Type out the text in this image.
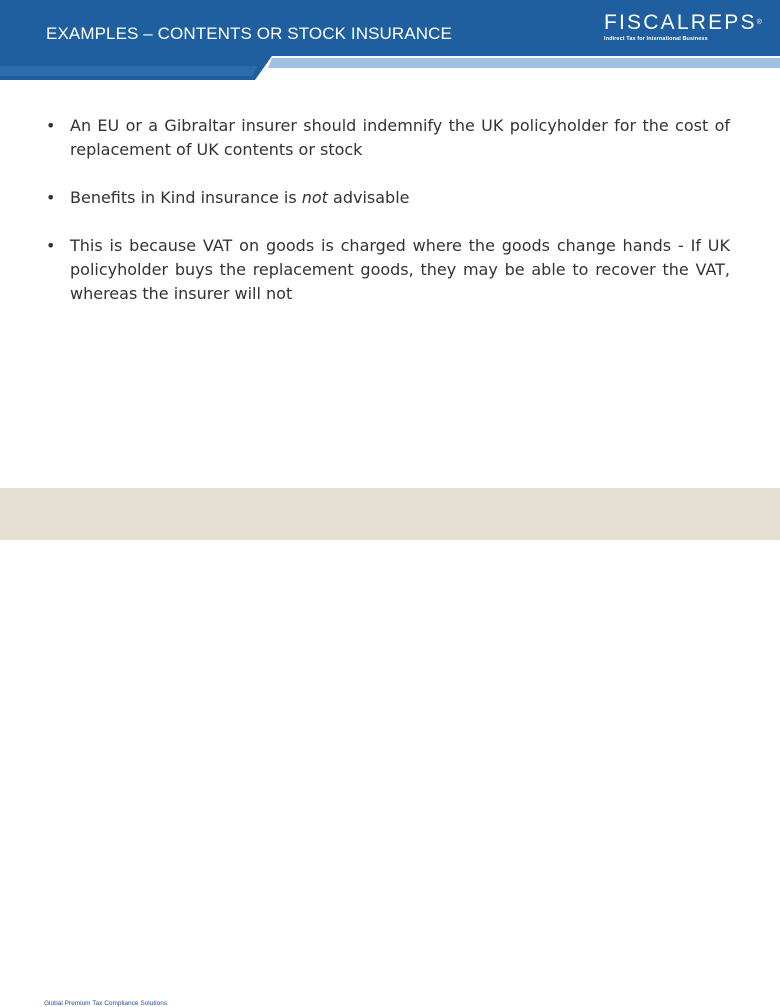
EXAMPLES – CONTENTS OR STOCK INSURANCE	FISCALREPS®
Indirect Tax for International Business
• An EU or a Gibraltar insurer should indemnify the UK policyholder for the cost of replacement of UK contents or stock
• Benefits in Kind insurance is not advisable
• This is because VAT on goods is charged where the goods change hands - If UK policyholder buys the replacement goods, they may be able to recover the VAT, whereas the insurer will not
Global Premium Tax Compliance Solutions
